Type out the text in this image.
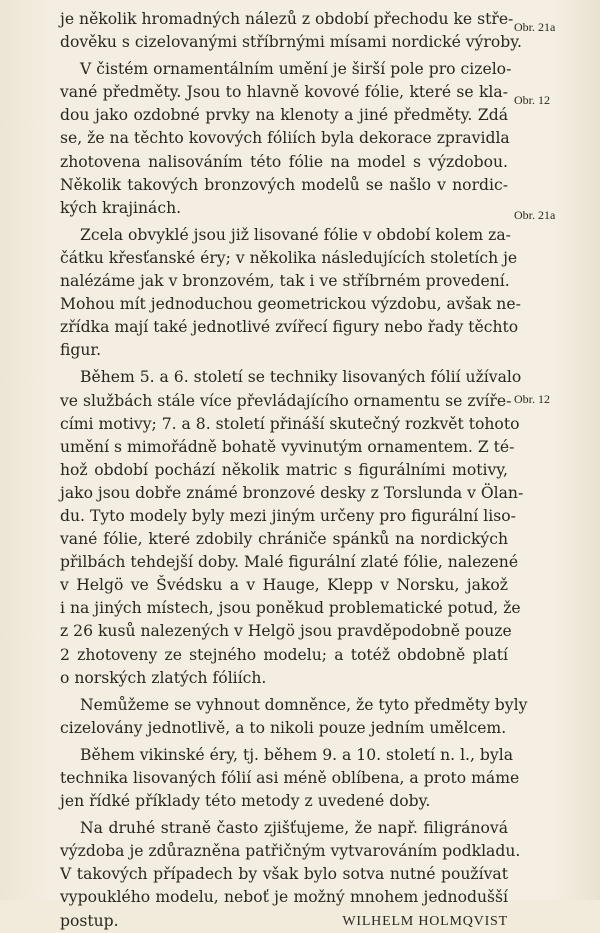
je několik hromadných nálezů z období přechodu ke stře-
dověku s cizelovanými stříbrnými mísami nordické výroby.
V čistém ornamentálním umění je širší pole pro cizelo-
vané předměty. Jsou to hlavně kovové fólie, které se kla-
dou jako ozdobné prvky na klenoty a jiné předměty. Zdá
se, že na těchto kovových fóliích byla dekorace zpravidla
zhotovena nalisováním této fólie na model s výzdobou.
Několik takových bronzových modelů se našlo v nordic-
kých krajinách.
Zcela obvyklé jsou již lisované fólie v období kolem za-
čátku křesťanské éry; v několika následujících stoletích je
nalézáme jak v bronzovém, tak i ve stříbrném provedení.
Mohou mít jednoduchou geometrickou výzdobu, avšak ne-
zřídka mají také jednotlivé zvířecí figury nebo řady těchto
figur.
Během 5. a 6. století se techniky lisovaných fólií užívalo
ve službách stále více převládajícího ornamentu se zvíře-
cími motivy; 7. a 8. století přináší skutečný rozkvět tohoto
umění s mimořádně bohatě vyvinutým ornamentem. Z té-
hož období pochází několik matric s figurálními motivy,
jako jsou dobře známé bronzové desky z Torslunda v Ölan-
du. Tyto modely byly mezi jiným určeny pro figurální liso-
vané fólie, které zdobily chrániče spánků na nordických
přilbách tehdejší doby. Malé figurální zlaté fólie, nalezené
v Helgö ve Švédsku a v Hauge, Klepp v Norsku, jakož
i na jiných místech, jsou poněkud problematické potud, že
z 26 kusů nalezených v Helgö jsou pravděpodobně pouze
2 zhotoveny ze stejného modelu; a totéž obdobně platí
o norských zlatých fóliích.
Nemůžeme se vyhnout domněnce, že tyto předměty byly
cizelovány jednotlivě, a to nikoli pouze jedním umělcem.
Během vikinské éry, tj. během 9. a 10. století n. l., byla
technika lisovaných fólií asi méně oblíbena, a proto máme
jen řídké příklady této metody z uvedené doby.
Na druhé straně často zjišťujeme, že např. filigránová
výzdoba je zdůrazněna patřičným vytvarováním podkladu.
V takových případech by však bylo sotva nutné používat
vypouklého modelu, neboť je možný mnohem jednodušší
postup.	WILHELM HOLMQVIST
Obr. 21a
Obr. 12
Obr. 21a
Obr. 12
